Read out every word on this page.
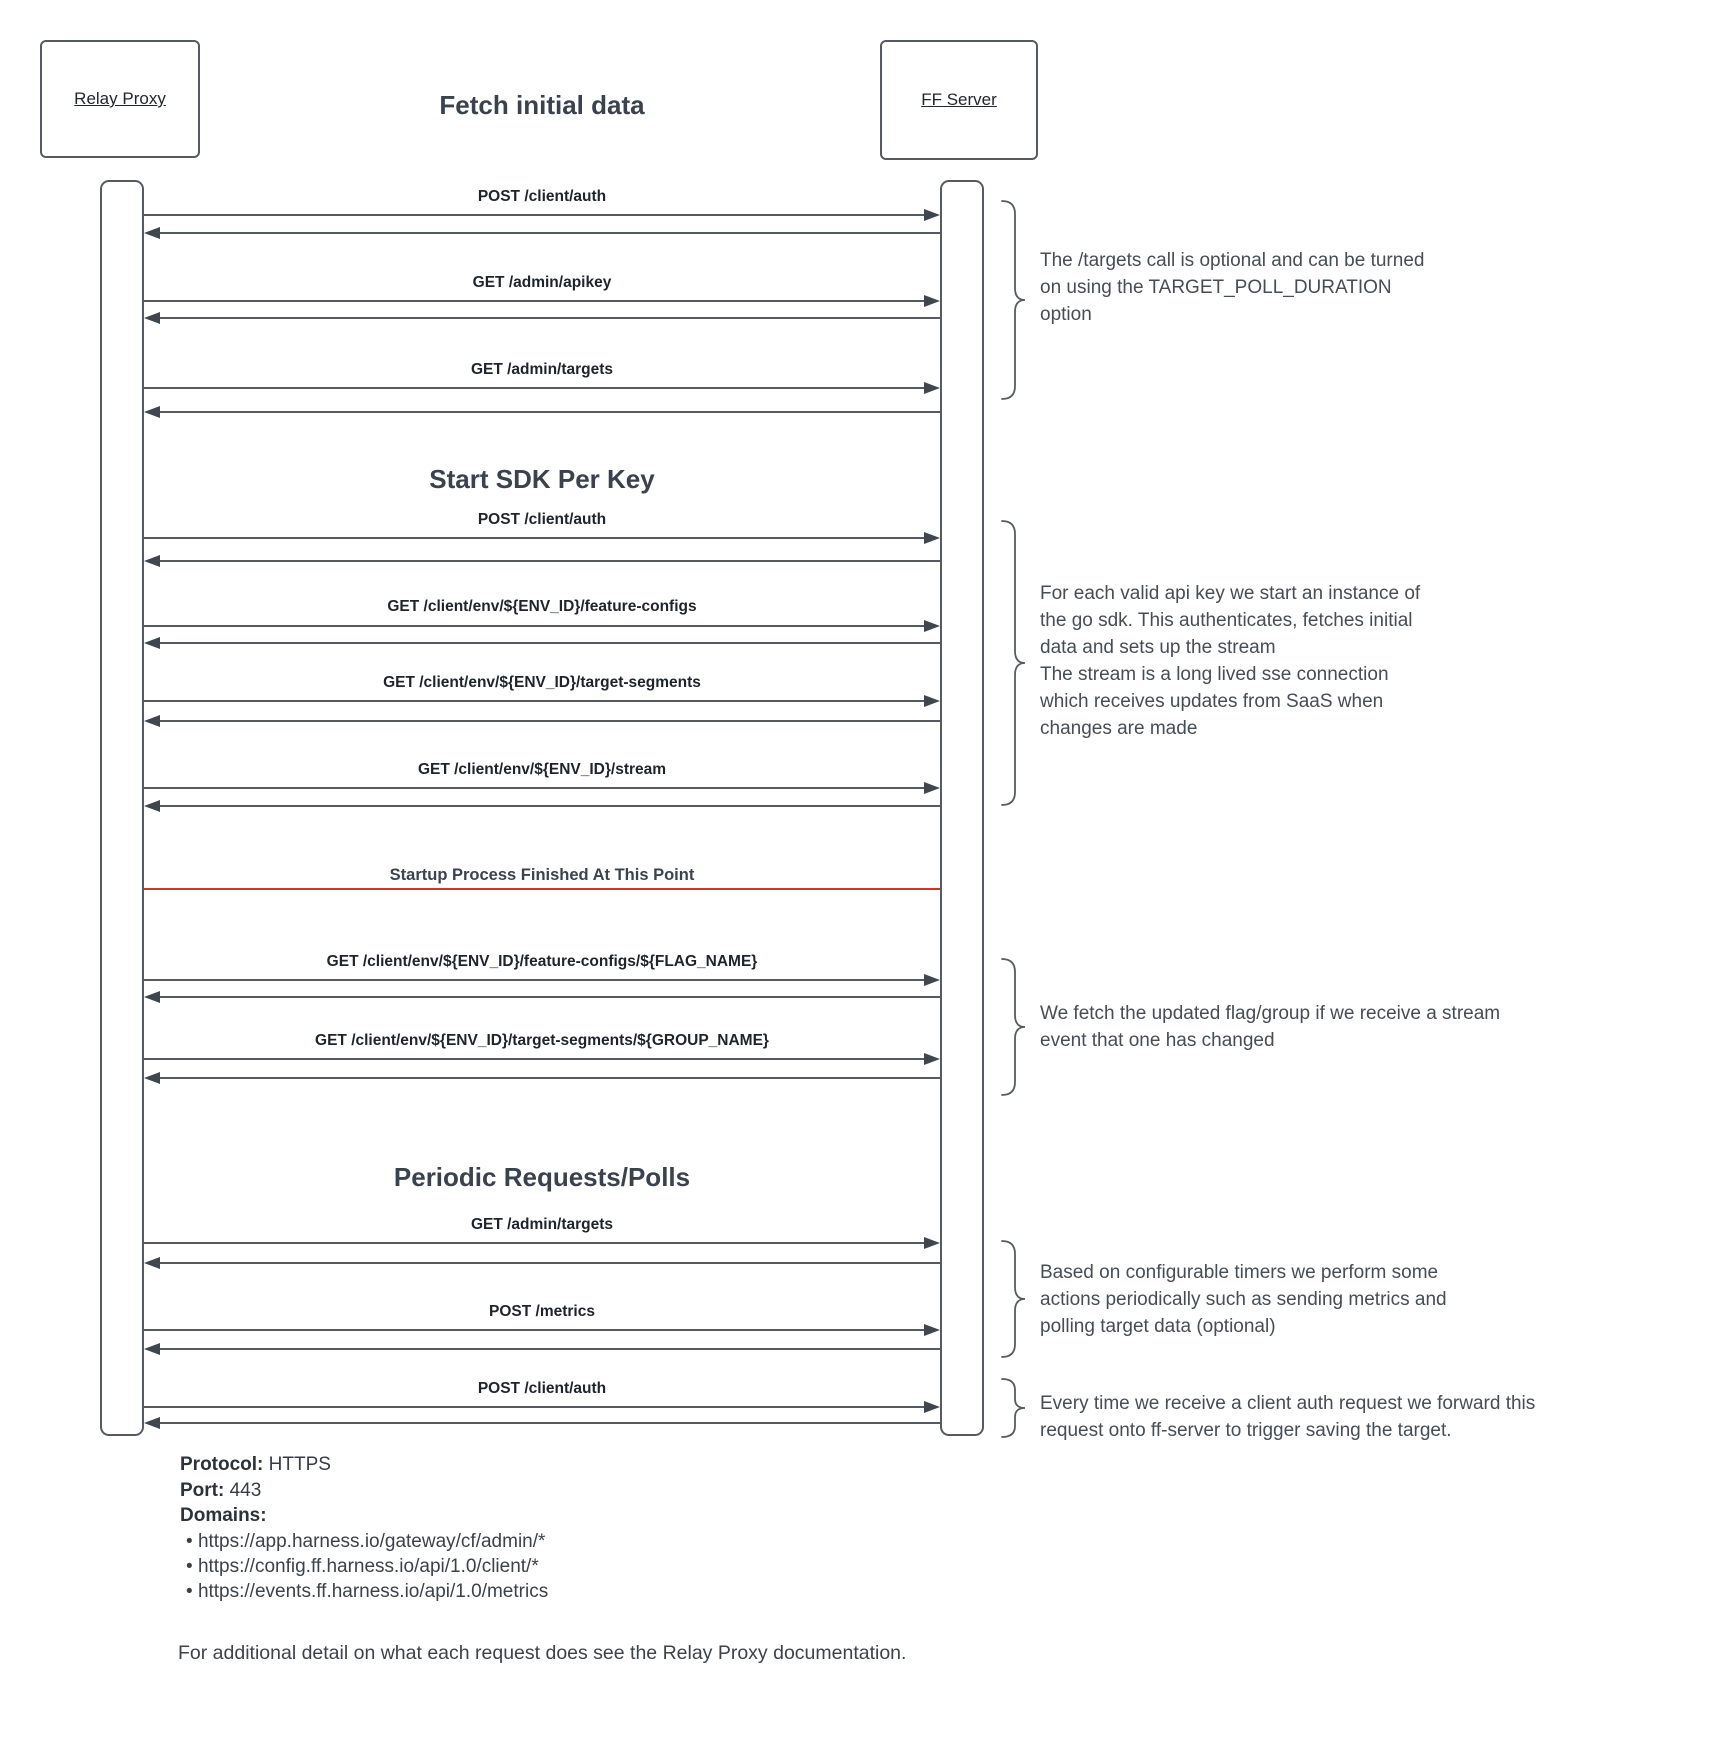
Relay Proxy	FF Server
Fetch initial data
Start SDK Per Key
Periodic Requests/Polls
POST /client/auth
GET /admin/apikey
GET /admin/targets
POST /client/auth
GET /client/env/${ENV_ID}/feature-configs
GET /client/env/${ENV_ID}/target-segments
GET /client/env/${ENV_ID}/stream
Startup Process Finished At This Point
GET /client/env/${ENV_ID}/feature-configs/${FLAG_NAME}
GET /client/env/${ENV_ID}/target-segments/${GROUP_NAME}
GET /admin/targets
POST /metrics
POST /client/auth
The /targets call is optional and can be turned
on using the TARGET_POLL_DURATION
option
For each valid api key we start an instance of
the go sdk. This authenticates, fetches initial
data and sets up the stream
The stream is a long lived sse connection
which receives updates from SaaS when
changes are made
We fetch the updated flag/group if we receive a stream
event that one has changed
Based on configurable timers we perform some
actions periodically such as sending metrics and
polling target data (optional)
Every time we receive a client auth request we forward this
request onto ff-server to trigger saving the target.
Protocol: HTTPS
Port: 443
Domains:
• https://app.harness.io/gateway/cf/admin/*
• https://config.ff.harness.io/api/1.0/client/*
• https://events.ff.harness.io/api/1.0/metrics
For additional detail on what each request does see the Relay Proxy documentation.
